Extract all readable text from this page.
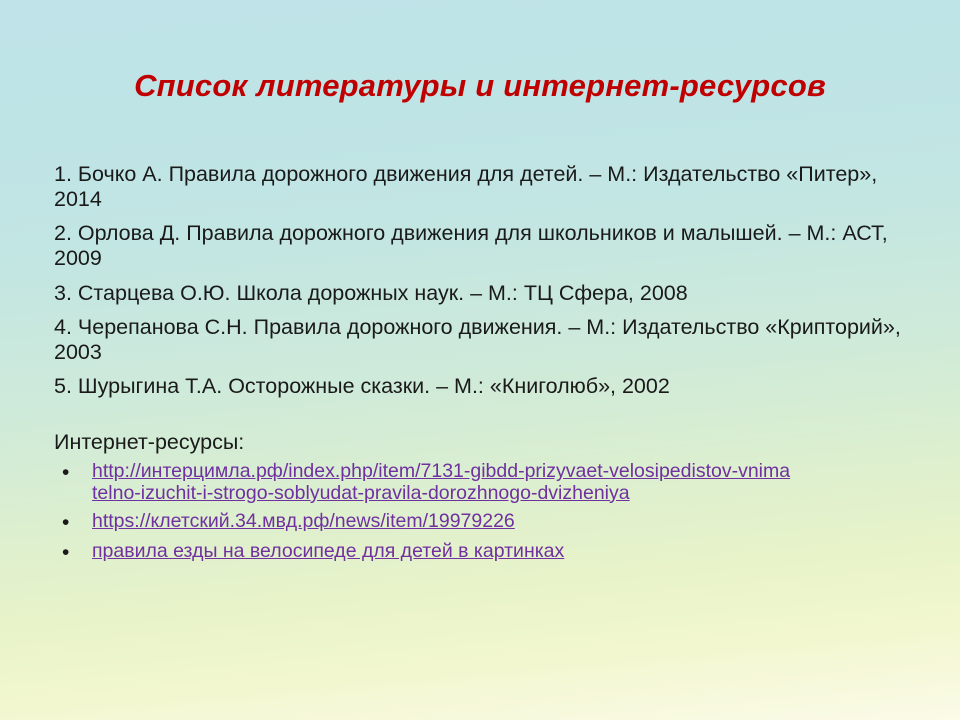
Список литературы и интернет-ресурсов
1. Бочко А. Правила дорожного движения для детей. – М.: Издательство «Питер», 2014
2. Орлова Д. Правила дорожного движения для школьников и малышей. – М.: АСТ, 2009
3. Старцева О.Ю. Школа дорожных наук. – М.: ТЦ Сфера, 2008
4. Черепанова С.Н. Правила дорожного движения. – М.: Издательство «Крипторий», 2003
5. Шурыгина Т.А. Осторожные сказки. – М.: «Книголюб», 2002
Интернет-ресурсы:
•	http://интерцимла.рф/index.php/item/7131-gibdd-prizyvaet-velosipedistov-vnimatelno-izuchit-i-strogo-soblyudat-pravila-dorozhnogo-dvizheniya
•	https://клетский.34.мвд.рф/news/item/19979226
•	правила езды на велосипеде для детей в картинках
